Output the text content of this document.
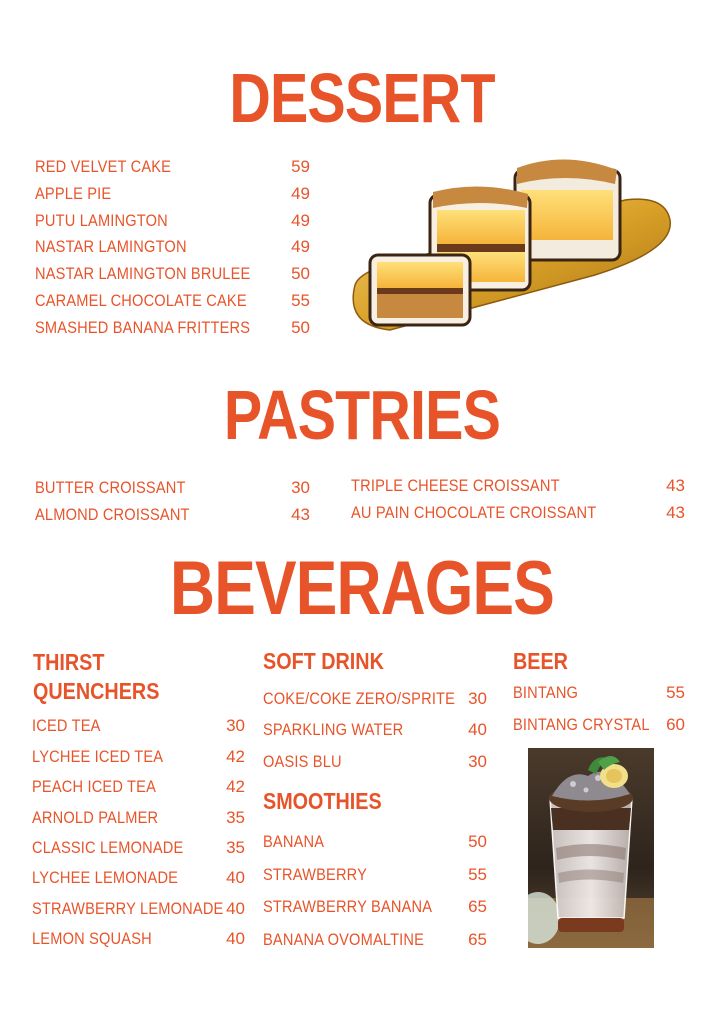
DESSERT
RED VELVET CAKE	59
APPLE PIE	49
PUTU LAMINGTON	49
NASTAR LAMINGTON	49
NASTAR LAMINGTON BRULEE	50
CARAMEL CHOCOLATE CAKE	55
SMASHED BANANA FRITTERS	50
PASTRIES
BUTTER CROISSANT	30
ALMOND CROISSANT	43
TRIPLE CHEESE CROISSANT	43
AU PAIN CHOCOLATE CROISSANT	43
BEVERAGES
THIRST
QUENCHERS
ICED TEA	30
LYCHEE ICED TEA	42
PEACH ICED TEA	42
ARNOLD PALMER	35
CLASSIC LEMONADE	35
LYCHEE LEMONADE	40
STRAWBERRY LEMONADE 40
LEMON SQUASH	40
SOFT DRINK
COKE/COKE ZERO/SPRITE 30
SPARKLING WATER	40
OASIS BLU	30
SMOOTHIES
BANANA	50
STRAWBERRY	55
STRAWBERRY BANANA	65
BANANA OVOMALTINE	65
BEER
BINTANG	55
BINTANG CRYSTAL 60
